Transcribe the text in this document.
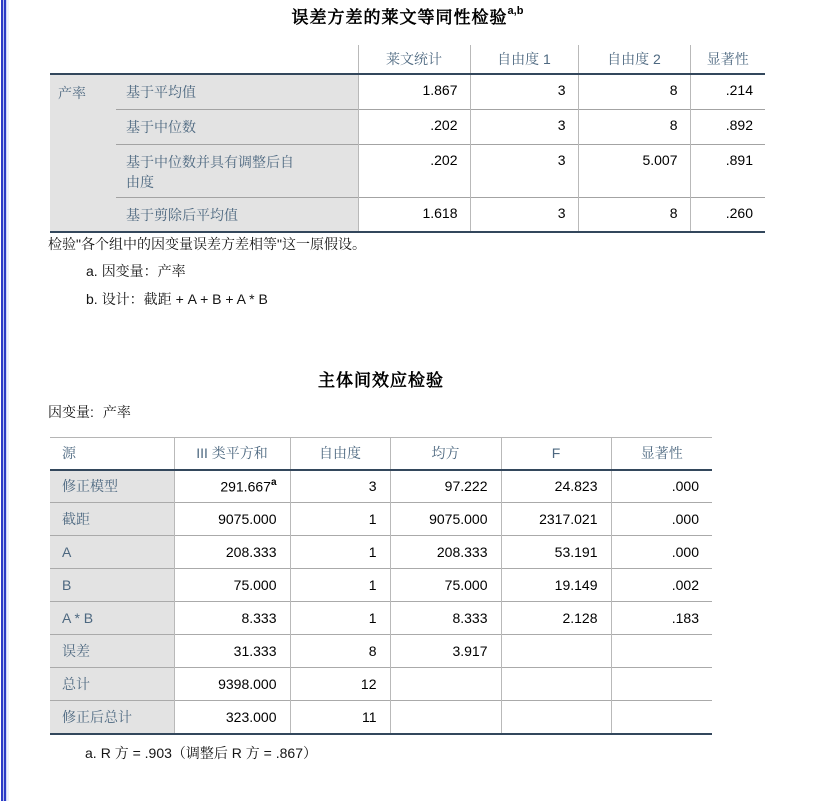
误差方差的莱文等同性检验$^{a,b}$
		莱文统计	自由度 1	自由度 2	显著性
产率	基于平均值	1.867	3	8	.214
	基于中位数	.202	3	8	.892
	基于中位数并具有调整后自由度	.202	3	5.007	.891
	基于剪除后平均值	1.618	3	8	.260
检验"各个组中的因变量误差方差相等"这一原假设。
a. 因变量：产率
b. 设计：截距 + A + B + A * B
主体间效应检验
因变量: 产率
源	III 类平方和	自由度	均方	F	显著性
修正模型	291.667$^a$	3	97.222	24.823	.000
截距	9075.000	1	9075.000	2317.021	.000
A	208.333	1	208.333	53.191	.000
B	75.000	1	75.000	19.149	.002
A * B	8.333	1	8.333	2.128	.183
误差	31.333	8	3.917		
总计	9398.000	12			
修正后总计	323.000	11			
a. R 方 = .903（调整后 R 方 = .867）
